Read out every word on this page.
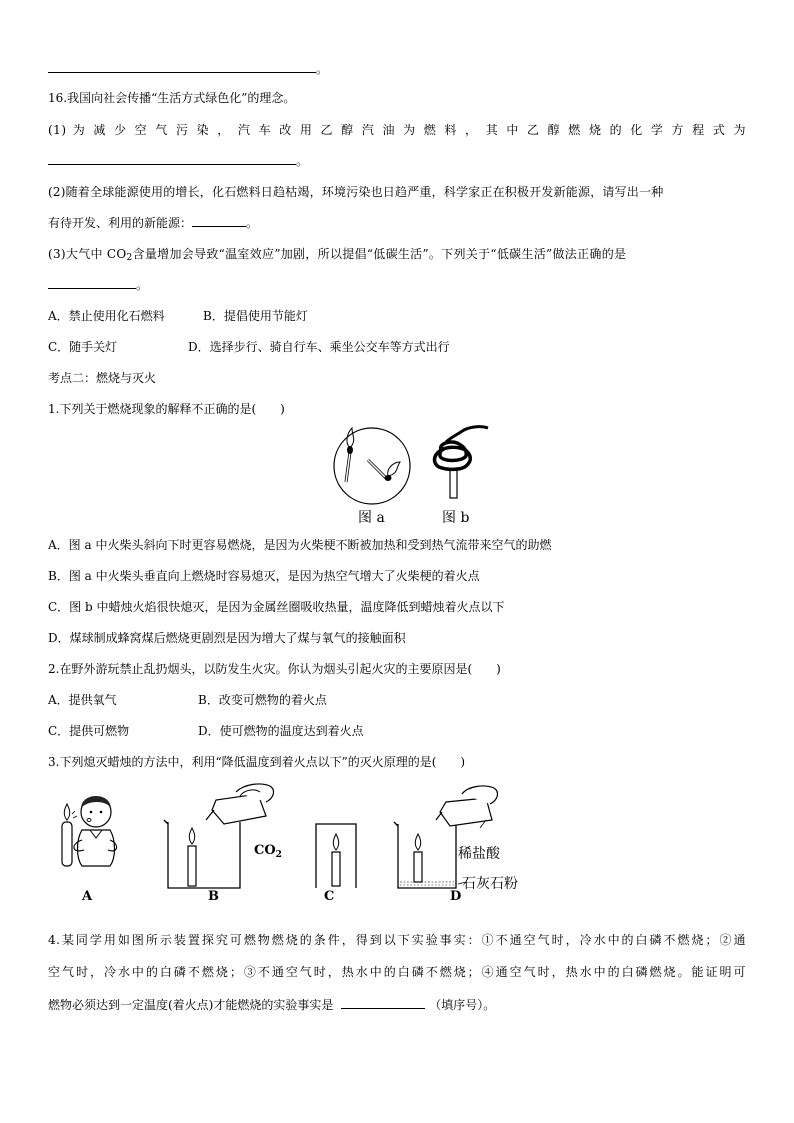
。
16.我国向社会传播“生活方式绿色化”的理念。
(1) 为 减 少 空 气 污 染 ， 汽 车 改 用 乙 醇 汽 油 为 燃 料 ， 其 中 乙 醇 燃 烧 的 化 学 方 程 式 为
。
(2)随着全球能源使用的增长，化石燃料日趋枯竭，环境污染也日趋严重，科学家正在积极开发新能源，请写出一种
有待开发、利用的新能源：	。
(3)大气中 $CO_2$含量增加会导致“温室效应”加剧，所以提倡“低碳生活”。下列关于“低碳生活”做法正确的是
。
A．禁止使用化石燃料	B．提倡使用节能灯
C．随手关灯	D．选择步行、骑自行车、乘坐公交车等方式出行
考点二：燃烧与灭火
1.下列关于燃烧现象的解释不正确的是(　　)
图 a	图 b
A．图 a 中火柴头斜向下时更容易燃烧，是因为火柴梗不断被加热和受到热气流带来空气的助燃
B．图 a 中火柴头垂直向上燃烧时容易熄灭，是因为热空气增大了火柴梗的着火点
C．图 b 中蜡烛火焰很快熄灭，是因为金属丝圈吸收热量，温度降低到蜡烛着火点以下
D．煤球制成蜂窝煤后燃烧更剧烈是因为增大了煤与氧气的接触面积
2.在野外游玩禁止乱扔烟头，以防发生火灾。你认为烟头引起火灾的主要原因是(　　)
A．提供氧气	B．改变可燃物的着火点
C．提供可燃物	D．使可燃物的温度达到着火点
3.下列熄灭蜡烛的方法中，利用“降低温度到着火点以下”的灭火原理的是(　　)
A
$CO_2$
B	C
稀盐酸
石灰石粉
D
4.某同学用如图所示装置探究可燃物燃烧的条件，得到以下实验事实：①不通空气时，冷水中的白磷不燃烧；②通
空气时，冷水中的白磷不燃烧；③不通空气时，热水中的白磷不燃烧；④通空气时，热水中的白磷燃烧。能证明可
燃物必须达到一定温度(着火点)才能燃烧的实验事实是	（填序号）。
